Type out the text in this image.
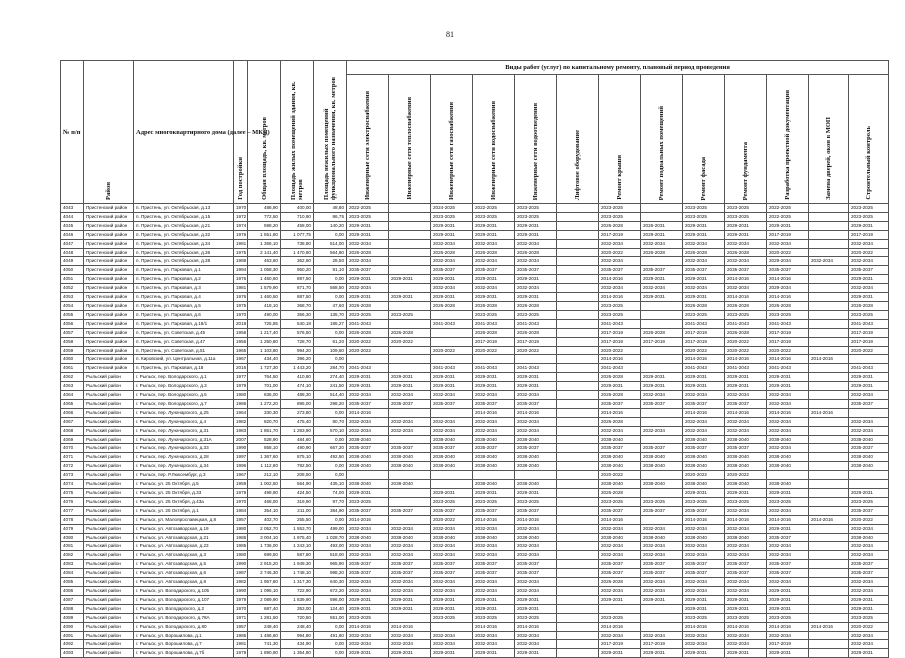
81
№ п/п	Район	Адрес многоквартирного дома (далее – МКД)	Год постройки	Общая площадь, кв. метров	Площадь жилых помещений здания, кв. метров	Площадь нежилых помещений функционального назначения, кв. метров	Виды работ (услуг) по капитальному ремонту, плановый период проведения												

							Инженерные сети электроснабжения	Инженерные сети теплоснабжения	Инженерные сети газоснабжения	Инженерные сети водоснабжения	Инженерные сети водоотведения	Лифтовое оборудование	Ремонт крыши	Ремонт подвальных помещений	Ремонт фасада	Ремонт фундамента	Разработка проектной документации	Замена дверей, окон в МОП	Строительный контроль

4043	Пристенский район	п. Пристень, ул. Октябрьская, д.13	1970	488,90	400,00	48,80	2022-2025		2024-2025	2022-2025	2023-2025		2023-2025		2023-2025	2023-2025	2022-2025		2023-2025
4044	Пристенский район	п. Пристень, ул. Октябрьская, д.15	1972	772,50	710,90	86,75	2023-2025		2023-2025	2023-2025	2023-2025		2023-2025		2023-2025	2023-2025	2022-2025		2023-2025
4045	Пристенский район	п. Пристень, ул. Октябрьская, д.21	1974	598,20	458,00	140,20	2029-2031		2029-2031	2029-2031	2029-2031		2026-2028	2026-2031	2029-2031	2029-2031	2029-2031		2029-2031
4046	Пристенский район	п. Пристень, ул. Октябрьская, д.32	1976	1 551,80	1 077,75	0,00	2029-2031		2029-2031	2029-2031	2029-2031		2017-2019	2029-2031	2029-2031	2029-2031	2017-2019		2017-2019
4047	Пристенский район	п. Пристень, ул. Октябрьская, д.34	1981	1 366,10	738,80	514,00	2032-2034		2032-2034	2032-2034	2032-2034		2032-2034	2032-2034	2032-2034	2032-2034	2032-2034		2032-2034
4048	Пристенский район	п. Пристень, ул. Октябрьская, д.36	1975	2 141,40	1 470,60	564,80	2026-2028		2026-2028	2026-2028	2026-2028		2020-2022	2026-2028	2026-2028	2026-2028	2020-2022		2020-2022
4049	Пристенский район	п. Пристень, ул. Октябрьская, д.38	1988	463,60	362,60	28,50	2032-2034		2032-2034	2032-2034	2032-2034		2032-2034		2032-2034	2032-2034	2029-2034	2032-2034	2032-2034
4050	Пристенский район	п. Пристень, ул. Парковая, д.1	1994	1 058,30	950,20	91,10	2035-2037		2035-2037	2035-2037	2035-2037		2035-2037	2035-2037	2035-2037	2035-2037	2035-2037		2035-2037
4051	Пристенский район	п. Пристень, ул. Парковая, д.2	1976	1 460,60	897,50	0,00	2029-2031	2029-2031	2029-2031	2029-2031	2029-2031		2014-2016	2029-2031	2029-2031	2014-2016	2014-2016		2029-2031
4052	Пристенский район	п. Пристень, ул. Парковая, д.3	1981	1 579,90	871,70	568,50	2032-2034		2032-2034	2032-2034	2032-2034		2032-2034	2032-2034	2032-2034	2032-2034	2029-2034		2032-2034
4053	Пристенский район	п. Пристень, ул. Парковая, д.4	1976	1 460,50	887,50	0,00	2029-2031	2029-2031	2029-2031	2029-2031	2029-2031		2014-2016	2029-2031	2029-2031	2014-2016	2014-2016		2029-2031
4054	Пристенский район	п. Пристень, ул. Парковая, д.5	1975	418,10	368,70	47,60	2026-2028		2026-2028	2026-2028	2026-2028		2023-2025		2026-2028	2026-2028	2026-2028		2026-2028
4055	Пристенский район	п. Пристень, ул. Парковая, д.6	1970	490,00	356,30	135,70	2023-2025	2023-2025		2023-2025	2023-2025		2023-2025		2023-2025	2023-2025	2023-2025		2023-2025
4056	Пристенский район	п. Пристень, ул. Парковая, д.18/1	2018	725,85	540,18	185,27	2041-2043		2041-2043	2041-2043	2041-2043		2041-2043		2041-2043	2041-2043	2041-2043		2041-2043
4057	Пристенский район	п. Пристень, ул. Советская, д.45	1956	1 217,40	576,50	0,00	2026-2028	2026-2028		2026-2028	2026-2028		2017-2019	2026-2028	2017-2019	2026-2028	2017-2019		2017-2019
4058	Пристенский район	п. Пристень, ул. Советская, д.47	1956	1 250,80	728,70	61,20	2020-2022	2020-2022		2017-2019	2017-2019		2017-2019	2017-2019	2017-2019	2020-2022	2017-2019		2017-2019
4059	Пристенский район	п. Пристень, ул. Советская, д.51	1965	1 103,80	994,20	109,60	2020-2022		2020-2022	2020-2022	2020-2022		2020-2022		2020-2022	2020-2022	2020-2022		2020-2022
4060	Пристенский район	п. Кировский, ул. Центральная, д.11а	1967	434,40	396,20	0,00							2014-2016		2014-2016	2014-2016	2014-2016	2014-2016	
4061	Пристенский район	п. Пристень, ул. Парковая, д.18	2016	1 727,30	1 443,20	284,70	2041-2043		2041-2043	2041-2043	2041-2043		2041-2043		2041-2043	2041-2043	2041-2043		2041-2043
4062	Рыльский район	г. Рыльск, пер. Володарского, д.1	1977	764,50	410,80	274,40	2029-2031	2029-2031	2029-2031	2029-2031	2029-2031		2026-2028	2029-2031	2029-2031	2029-2031	2029-2031		2029-2031
4063	Рыльский район	г. Рыльск, пер. Володарского, д.3	1979	701,00	474,10	241,50	2029-2031	2029-2031	2029-2031	2029-2031	2029-2031		2029-2031	2029-2031	2029-2031	2029-2031	2029-2031		2029-2031
4064	Рыльский район	г. Рыльск, пер. Володарского, д.5	1980	836,00	488,30	514,40	2032-2034	2032-2034	2032-2034	2032-2034	2032-2034		2026-2028	2032-2034	2032-2034	2032-2034	2032-2034		2032-2034
4065	Рыльский район	г. Рыльск, пер. Володарского, д.7	1986	1 272,20	895,00	298,20	2035-2037	2035-2037	2035-2037	2035-2037	2035-2037		2035-2037	2035-2037	2035-2037	2035-2037	2032-2034		2035-2037
4066	Рыльский район	г. Рыльск, пер. Луначарского, д.25	1964	330,30	273,80	0,00	2014-2016			2014-2016	2014-2016		2014-2016		2014-2016	2014-2016	2014-2016	2014-2016	
4067	Рыльский район	г. Рыльск, пер. Луначарского, д.4	1982	820,70	475,40	80,70	2032-2034	2032-2034	2032-2034	2032-2034	2032-2034		2026-2028		2032-2034	2032-2034	2032-2034		2032-2034
4068	Рыльский район	г. Рыльск, пер. Луначарского, д.31	1983	1 851,70	1 283,90	570,10	2032-2034	2032-2034	2032-2034	2032-2034	2032-2034		2032-2034	2032-2034	2032-2034	2032-2034	2032-2034		2032-2034
4069	Рыльский район	г. Рыльск, пер. Луначарского, д.31А	2007	528,90	484,60	0,00	2038-2040		2038-2040	2038-2040	2038-2040		2038-2040		2038-2040	2038-2040	2038-2040		2038-2040
4070	Рыльский район	г. Рыльск, пер. Луначарского, д.33	1990	858,10	490,90	667,20	2035-2037	2035-2037	2035-2037	2035-2037	2035-2037		2035-2037	2035-2037	2035-2037	2035-2037	2032-2034		2035-2037
4071	Рыльский район	г. Рыльск, пер. Луначарского, д.28	1997	1 367,60	875,10	492,50	2038-2040	2038-2040	2038-2040	2038-2040	2038-2040		2038-2040	2038-2040	2038-2040	2038-2040	2038-2040		2038-2040
4072	Рыльский район	г. Рыльск, пер. Луначарского, д.34	1996	1 112,80	782,50	0,00	2038-2040	2038-2040	2038-2040	2038-2040	2038-2040		2038-2040	2038-2040	2038-2040	2038-2040	2038-2040		2038-2040
4073	Рыльский район	г. Рыльск, пер. Р.Люксембург, д.3	1967	212,10	208,50	0,00							2020-2022		2020-2022	2020-2022			
4074	Рыльский район	г. Рыльск, ул. 25 Октября, д.5	1959	1 002,50	564,90	435,10	2038-2040	2038-2040		2038-2040	2038-2040		2038-2040	2038-2040	2038-2040	2038-2040	2038-2040		
4075	Рыльский район	г. Рыльск, ул. 25 Октября, д.33	1979	498,90	424,50	74,00	2029-2031		2029-2031	2029-2031	2029-2031		2026-2028		2029-2031	2029-2031	2029-2031		2029-2031
4076	Рыльский район	г. Рыльск, ул. 25 Октября, д.43а	1970	468,00	319,90	97,70	2023-2025		2023-2025	2023-2025	2023-2025		2023-2025	2023-2025	2023-2025	2023-2025	2023-2025		2023-2025
4077	Рыльский район	г. Рыльск, ул. 25 Октября, д.1	1984	354,10	211,00	384,90	2035-2037	2035-2037	2035-2037	2035-2037	2035-2037		2035-2037	2035-2037	2035-2037	2032-2034	2032-2034		2035-2037
4078	Рыльский район	г. Рыльск, ул. Малоярославецкая, д.8	1957	402,70	255,50	0,00	2014-2016		2020-2022	2014-2016	2014-2016		2014-2016		2014-2016	2014-2016	2014-2016	2014-2016	2020-2022
4079	Рыльский район	г. Рыльск, ул. Автозаводская, д.19	1980	2 052,70	1 553,70	499,00	2032-2034	2032-2034	2032-2034	2032-2034	2032-2034		2032-2034	2032-2034	2032-2034	2032-2034	2029-2031		2032-2034
4080	Рыльский район	г. Рыльск, ул. Автозаводская, д.21	1986	3 004,10	1 975,40	1 028,70	2038-2040	2038-2040	2038-2040	2038-2040	2038-2040		2038-2040	2038-2040	2038-2040	2038-2040	2035-2037		2038-2040
4081	Рыльский район	г. Рыльск, ул. Автозаводская, д.23	1985	1 736,00	1 243,10	493,00	2032-2034	2032-2034	2032-2034	2032-2034	2032-2034		2032-2034	2032-2034	2032-2034	2032-2034	2032-2034		2032-2034
4082	Рыльский район	г. Рыльск, ул. Автозаводская, д.3	1980	699,50	587,80	518,00	2032-2034	2032-2034	2032-2034	2032-2034	2032-2034		2032-2034	2032-2034	2032-2034	2032-2034	2032-2034		2032-2034
4083	Рыльский район	г. Рыльск, ул. Автозаводская, д.5	1990	2 915,20	1 949,30	965,90	2035-2037	2035-2037	2035-2037	2035-2037	2035-2037		2035-2037	2035-2037	2035-2037	2035-2037	2035-2037		2035-2037
4084	Рыльский район	г. Рыльск, ул. Автозаводская, д.6	1987	2 746,30	1 748,10	998,20	2035-2037	2035-2037	2035-2037	2035-2037	2035-2037		2035-2037	2035-2037	2035-2037	2035-2037	2035-2037		2035-2037
4085	Рыльский район	г. Рыльск, ул. Автозаводская, д.8	1982	1 957,60	1 317,30	640,30	2032-2034	2032-2034	2032-2034	2032-2034	2032-2034		2026-2028	2032-2034	2032-2034	2032-2034	2032-2034		2032-2034
4086	Рыльский район	г. Рыльск, ул. Володарского, д.105	1990	1 095,10	722,90	672,20	2032-2034	2032-2034	2032-2034	2032-2034	2032-2034		2032-2034	2032-2034	2032-2034	2032-2034	2029-2031		2032-2034
4087	Рыльский район	г. Рыльск, ул. Володарского, д.107	1979	2 089,90	1 839,90	596,00	2029-2031	2029-2031	2029-2031	2029-2031	2029-2031		2029-2031	2029-2031	2029-2031	2029-2031	2029-2031		2029-2031
4088	Рыльский район	г. Рыльск, ул. Володарского, д.2	1970	687,40	353,00	124,40	2029-2031	2029-2031	2029-2031	2029-2031	2029-2031				2029-2031	2029-2031	2029-2031		2029-2031
4089	Рыльский район	г. Рыльск, ул. Володарского, д.78А	1971	1 281,50	720,50	551,00	2023-2025		2023-2025	2023-2025	2023-2025		2023-2025		2023-2025	2023-2025	2023-2025		2023-2025
4090	Рыльский район	г. Рыльск, ул. Володарского, д.80	1957	248,40	248,40	0,00	2014-2016	2014-2016		2014-2016	2014-2016		2014-2016		2014-2016	2014-2016	2014-2016	2014-2016	2020-2022
4091	Рыльский район	г. Рыльск, ул. Ворошилова, д.1	1985	1 486,60	994,80	491,80	2032-2034	2032-2034	2032-2034	2032-2034	2032-2034		2032-2034	2032-2034	2032-2034	2032-2034	2032-2034		2032-2034
4092	Рыльский район	г. Рыльск, ул. Ворошилова, д.7	1981	741,30	434,90	0,00	2032-2034	2032-2034	2032-2034	2032-2034	2032-2034		2017-2019	2017-2019	2032-2034	2032-2034	2017-2019		2032-2034
4093	Рыльский район	г. Рыльск, ул. Ворошилова, д.7б	1979	1 890,90	1 354,80	0,00	2029-2031	2029-2031	2029-2031	2029-2031	2029-2031		2029-2031	2029-2031	2029-2031	2029-2031	2029-2031		2029-2031
